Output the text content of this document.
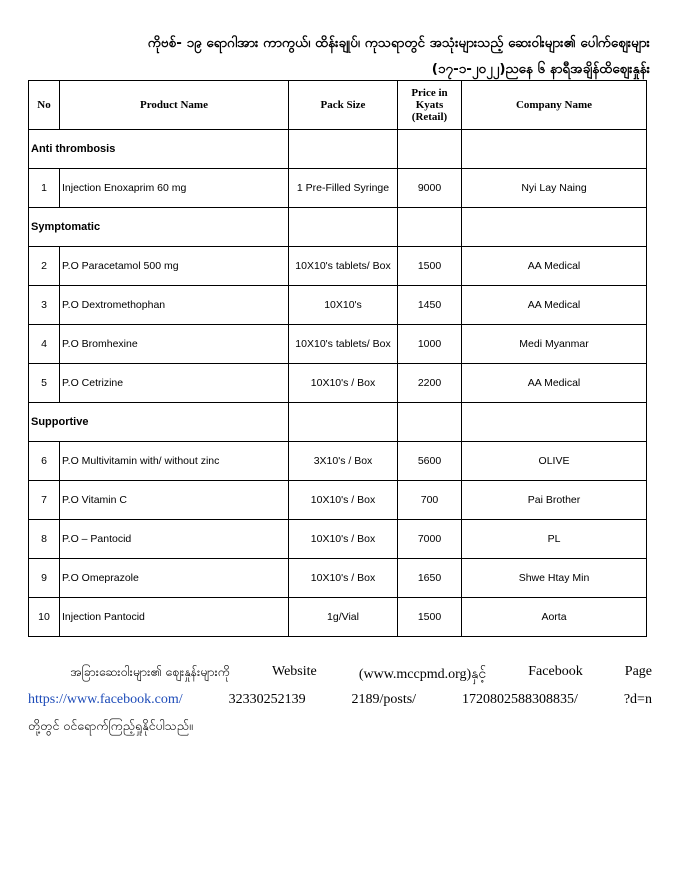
ကိုဗစ်- ၁၉ ရောဂါအား ကာကွယ်၊ ထိန်းချုပ်၊ ကုသရာတွင် အသုံးများသည့် ဆေးဝါးများ၏ ပေါက်ဈေးများ
(၁၇-၁-၂၀၂၂)ညနေ ၆ နာရီအချိန်ထိဈေးနှုန်း
No	Product Name	Pack Size	Price in Kyats (Retail)	Company Name
Anti thrombosis				
1	Injection Enoxaprim 60 mg	1 Pre-Filled Syringe	9000	Nyi Lay Naing
Symptomatic				
2	P.O Paracetamol 500 mg	10X10's tablets/ Box	1500	AA Medical
3	P.O Dextromethophan	10X10's	1450	AA Medical
4	P.O Bromhexine	10X10's tablets/ Box	1000	Medi Myanmar
5	P.O Cetrizine	10X10's / Box	2200	AA Medical
Supportive				
6	P.O Multivitamin with/ without zinc	3X10's / Box	5600	OLIVE
7	P.O Vitamin C	10X10's / Box	700	Pai Brother
8	P.O – Pantocid	10X10's / Box	7000	PL
9	P.O Omeprazole	10X10's / Box	1650	Shwe Htay Min
10	Injection Pantocid	1g/Vial	1500	Aorta
အခြားဆေးဝါးများ၏ ဈေးနှုန်းများကို	Website	(www.mccpmd.org)နှင့်	Facebook	Page
https://www.facebook.com/	32330252139	2189/posts/	1720802588308835/	?d=n
တို့တွင် ဝင်ရောက်ကြည့်ရှုနိုင်ပါသည်။
